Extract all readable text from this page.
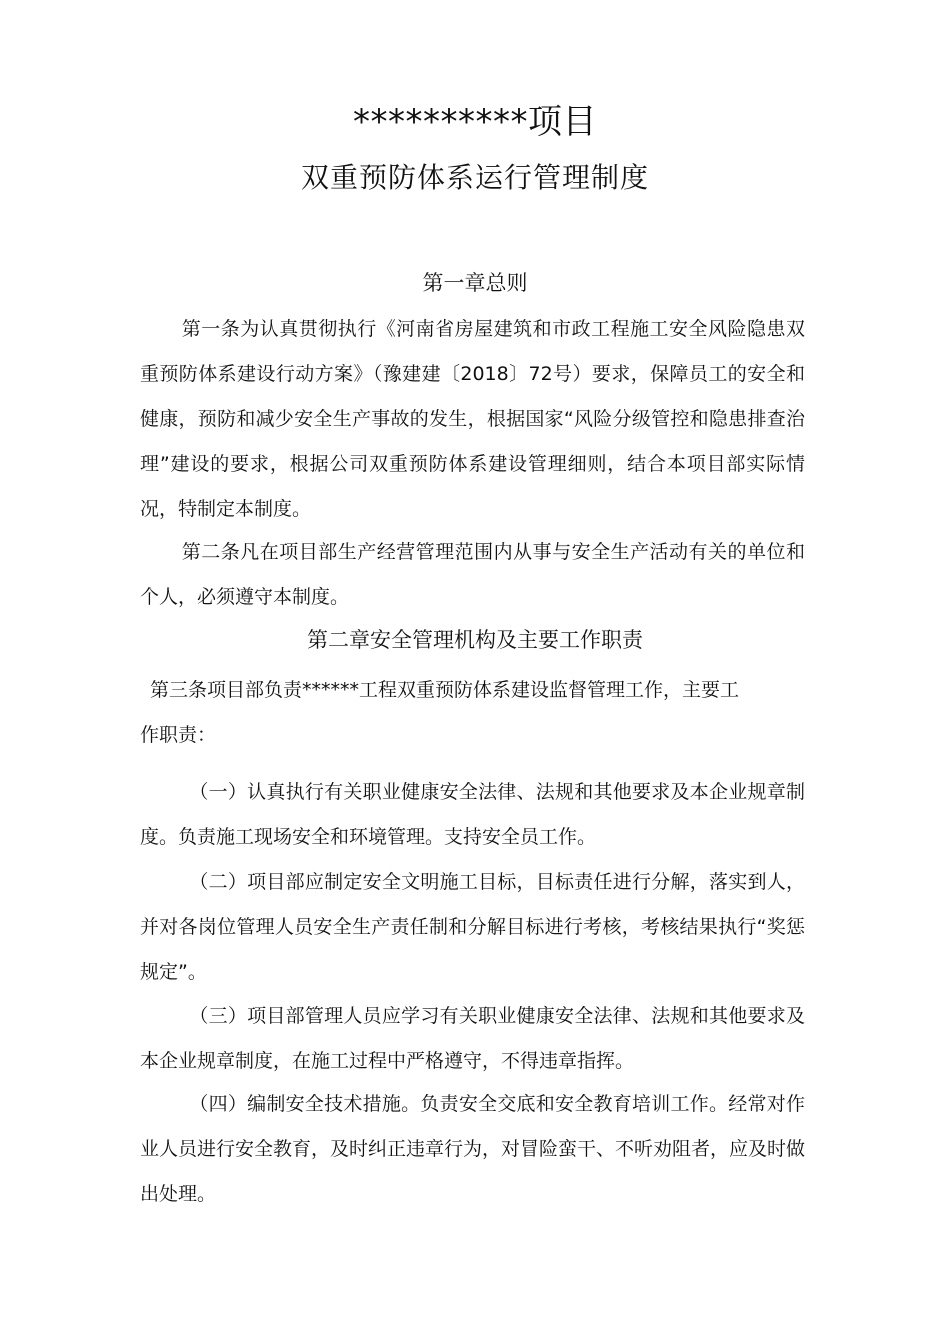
**********项目
双重预防体系运行管理制度
第一章总则

第一条为认真贯彻执行《河南省房屋建筑和市政工程施工安全风险隐患双重预防体系建设行动方案》（豫建建〔2018〕72号）要求，保障员工的安全和健康，预防和减少安全生产事故的发生，根据国家“风险分级管控和隐患排查治理”建设的要求，根据公司双重预防体系建设管理细则，结合本项目部实际情况，特制定本制度。

第二条凡在项目部生产经营管理范围内从事与安全生产活动有关的单位和个人，必须遵守本制度。

第二章安全管理机构及主要工作职责

第三条项目部负责******工程双重预防体系建设监督管理工作，主要工
作职责：

（一）认真执行有关职业健康安全法律、法规和其他要求及本企业规章制度。负责施工现场安全和环境管理。支持安全员工作。

（二）项目部应制定安全文明施工目标，目标责任进行分解，落实到人，并对各岗位管理人员安全生产责任制和分解目标进行考核，考核结果执行“奖惩规定”。

（三）项目部管理人员应学习有关职业健康安全法律、法规和其他要求及本企业规章制度，在施工过程中严格遵守，不得违章指挥。

（四）编制安全技术措施。负责安全交底和安全教育培训工作。经常对作业人员进行安全教育，及时纠正违章行为，对冒险蛮干、不听劝阻者，应及时做出处理。
